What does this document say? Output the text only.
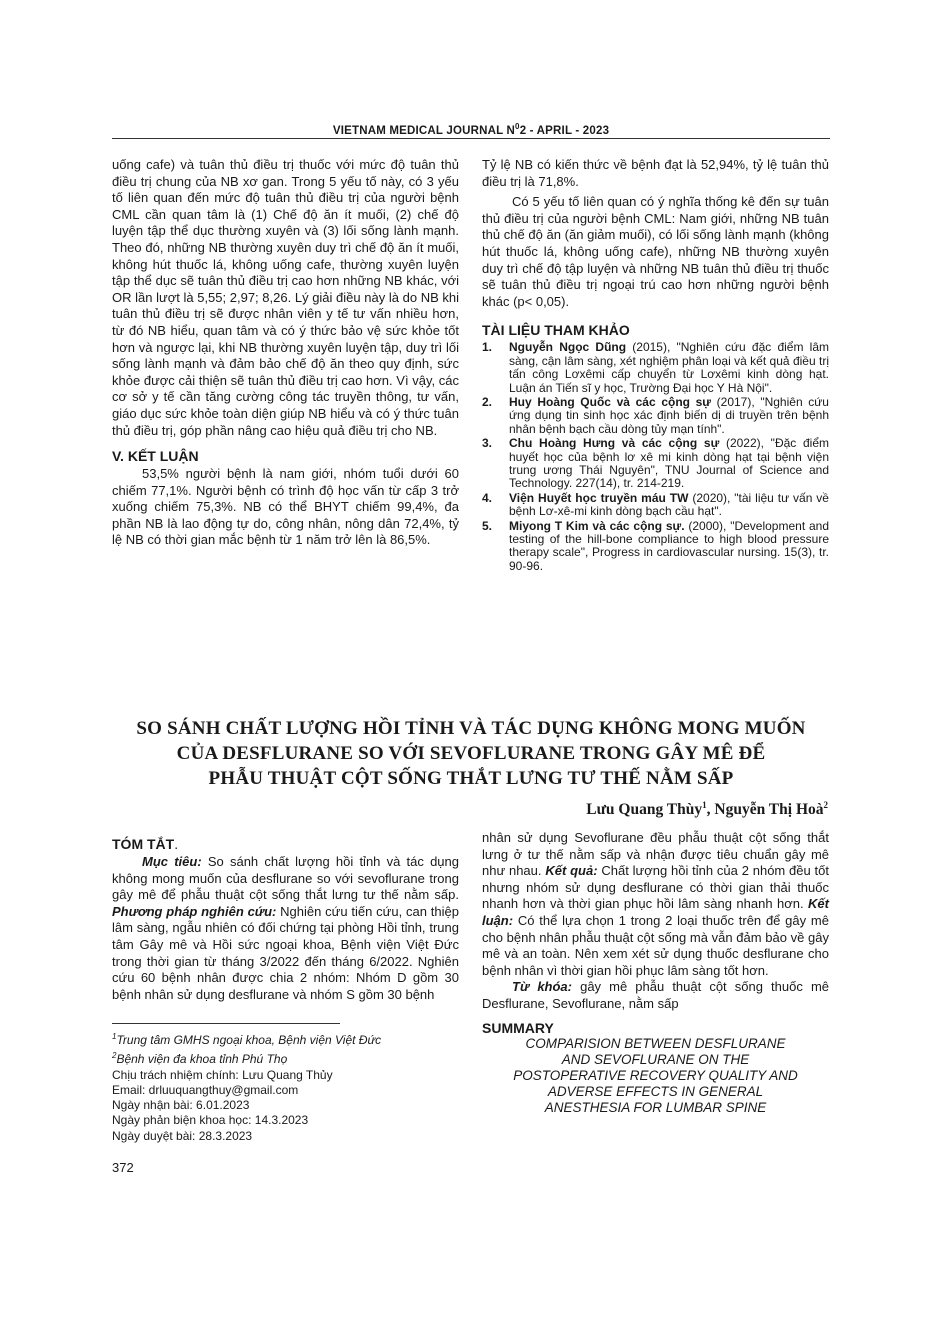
VIETNAM MEDICAL JOURNAL $N^02$ - APRIL - 2023

uống cafe) và tuân thủ điều trị thuốc với mức độ tuân thủ điều trị chung của NB xơ gan. Trong 5 yếu tố này, có 3 yếu tố liên quan đến mức độ tuân thủ điều trị của người bệnh CML cần quan tâm là (1) Chế độ ăn ít muối, (2) chế độ luyện tập thể dục thường xuyên và (3) lối sống lành mạnh. Theo đó, những NB thường xuyên duy trì chế độ ăn ít muối, không hút thuốc lá, không uống cafe, thường xuyên luyện tập thể dục sẽ tuân thủ điều trị cao hơn những NB khác, với OR lần lượt là 5,55; 2,97; 8,26. Lý giải điều này là do NB khi tuân thủ điều trị sẽ được nhân viên y tế tư vấn nhiều hơn, từ đó NB hiểu, quan tâm và có ý thức bảo vệ sức khỏe tốt hơn và ngược lại, khi NB thường xuyên luyện tập, duy trì lối sống lành mạnh và đảm bảo chế độ ăn theo quy định, sức khỏe được cải thiện sẽ tuân thủ điều trị cao hơn. Vì vậy, các cơ sở y tế cần tăng cường công tác truyền thông, tư vấn, giáo dục sức khỏe toàn diện giúp NB hiểu và có ý thức tuân thủ điều trị, góp phần nâng cao hiệu quả điều trị cho NB.

V. KẾT LUẬN

53,5% người bệnh là nam giới, nhóm tuổi dưới 60 chiếm 77,1%. Người bệnh có trình độ học vấn từ cấp 3 trở xuống chiếm 75,3%. NB có thể BHYT chiếm 99,4%, đa phần NB là lao động tự do, công nhân, nông dân 72,4%, tỷ lệ NB có thời gian mắc bệnh từ 1 năm trở lên là 86,5%.

Tỷ lệ NB có kiến thức về bệnh đạt là 52,94%, tỷ lệ tuân thủ điều trị là 71,8%.

Có 5 yếu tố liên quan có ý nghĩa thống kê đến sự tuân thủ điều trị của người bệnh CML: Nam giới, những NB tuân thủ chế độ ăn (ăn giảm muối), có lối sống lành mạnh (không hút thuốc lá, không uống cafe), những NB thường xuyên duy trì chế độ tập luyện và những NB tuân thủ điều trị thuốc sẽ tuân thủ điều trị ngoại trú cao hơn những người bệnh khác (p< 0,05).

TÀI LIỆU THAM KHẢO

1. Nguyễn Ngọc Dũng (2015), "Nghiên cứu đặc điểm lâm sàng, cận lâm sàng, xét nghiệm phân loại và kết quả điều trị tấn công Lơxêmi cấp chuyển từ Lơxêmi kinh dòng hạt. Luận án Tiến sĩ y học, Trường Đại học Y Hà Nội".
2. Huy Hoàng Quốc và các cộng sự (2017), "Nghiên cứu ứng dụng tin sinh học xác định biến dị di truyền trên bệnh nhân bệnh bạch cầu dòng tủy mạn tính".
3. Chu Hoàng Hưng và các cộng sự (2022), "Đặc điểm huyết học của bệnh lơ xê mi kinh dòng hạt tại bệnh viện trung ương Thái Nguyên", TNU Journal of Science and Technology. 227(14), tr. 214-219.
4. Viện Huyết học truyền máu TW (2020), "tài liệu tư vấn về bệnh Lơ-xê-mi kinh dòng bạch cầu hạt".
5. Miyong T Kim và các cộng sự. (2000), "Development and testing of the hill-bone compliance to high blood pressure therapy scale", Progress in cardiovascular nursing. 15(3), tr. 90-96.
SO SÁNH CHẤT LƯỢNG HỒI TỈNH VÀ TÁC DỤNG KHÔNG MONG MUỐN
CỦA DESFLURANE SO VỚI SEVOFLURANE TRONG GÂY MÊ ĐỂ
PHẪU THUẬT CỘT SỐNG THẮT LƯNG TƯ THẾ NẰM SẤP
Lưu Quang Thùy$^1$, Nguyễn Thị Hoà$^2$

TÓM TẮT.

Mục tiêu: So sánh chất lượng hồi tỉnh và tác dụng không mong muốn của desflurane so với sevoflurane trong gây mê để phẫu thuật cột sống thắt lưng tư thế nằm sấp. Phương pháp nghiên cứu: Nghiên cứu tiến cứu, can thiệp lâm sàng, ngẫu nhiên có đối chứng tại phòng Hồi tỉnh, trung tâm Gây mê và Hồi sức ngoại khoa, Bệnh viện Việt Đức trong thời gian từ tháng 3/2022 đến tháng 6/2022. Nghiên cứu 60 bệnh nhân được chia 2 nhóm: Nhóm D gồm 30 bệnh nhân sử dụng desflurane và nhóm S gồm 30 bệnh

$^1$Trung tâm GMHS ngoại khoa, Bệnh viện Việt Đức
$^2$Bệnh viện đa khoa tỉnh Phú Thọ
Chịu trách nhiệm chính: Lưu Quang Thủy
Email: drluuquangthuy@gmail.com
Ngày nhận bài: 6.01.2023
Ngày phản biện khoa học: 14.3.2023
Ngày duyệt bài: 28.3.2023

nhân sử dụng Sevoflurane đều phẫu thuật cột sống thắt lưng ở tư thế nằm sấp và nhận được tiêu chuẩn gây mê như nhau. Kết quả: Chất lượng hồi tỉnh của 2 nhóm đều tốt nhưng nhóm sử dụng desflurane có thời gian thải thuốc nhanh hơn và thời gian phục hồi lâm sàng nhanh hơn. Kết luận: Có thể lựa chọn 1 trong 2 loại thuốc trên để gây mê cho bệnh nhân phẫu thuật cột sống mà vẫn đảm bảo về gây mê và an toàn. Nên xem xét sử dụng thuốc desflurane cho bệnh nhân vì thời gian hồi phục lâm sàng tốt hơn.

Từ khóa: gây mê phẫu thuật cột sống thuốc mê Desflurane, Sevoflurane, nằm sấp

SUMMARY

COMPARISION BETWEEN DESFLURANE
AND SEVOFLURANE ON THE
POSTOPERATIVE RECOVERY QUALITY AND
ADVERSE EFFECTS IN GENERAL
ANESTHESIA FOR LUMBAR SPINE
372
